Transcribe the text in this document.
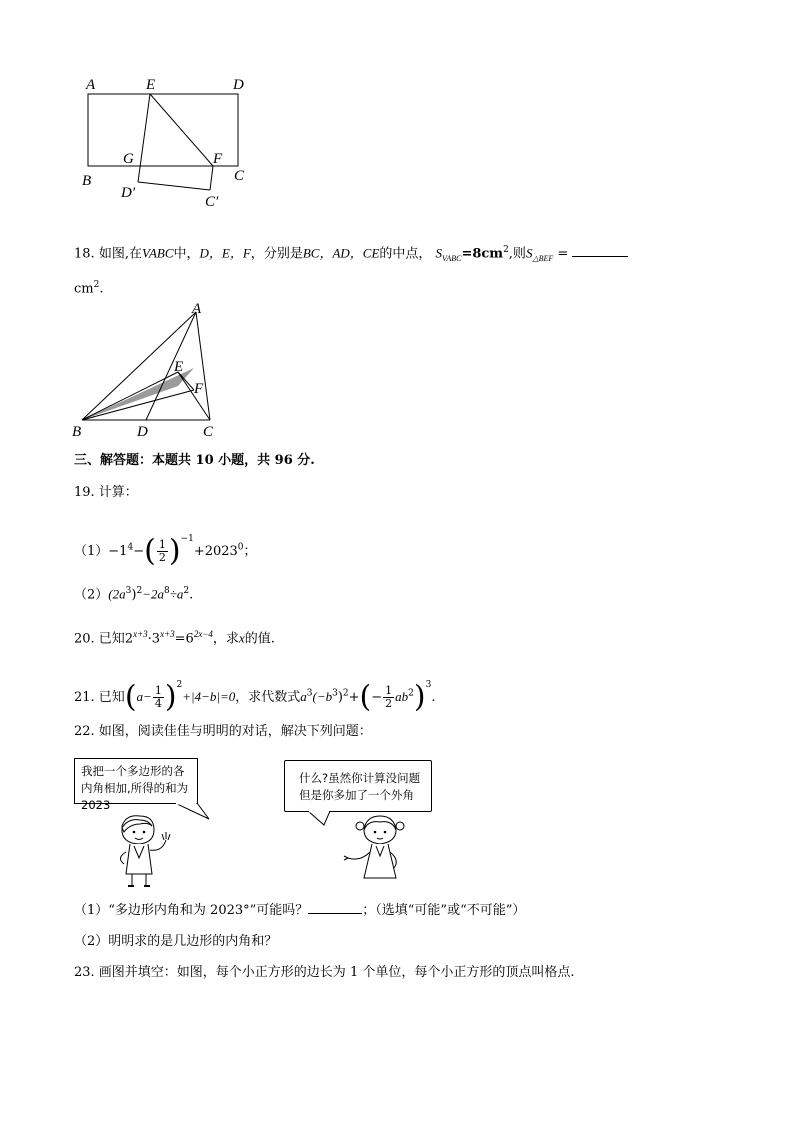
A	E	D
G	F
B	C
D′
C′
18. 如图,在VABC中，D，E，F，分别是BC，AD，CE的中点， $S_{VABC}=8cm^2$,则$S_{\triangle BEF}$ =
$cm^2$.
A
E
F
B	D	C
三、解答题：本题共 10 小题，共 96 分.
19. 计算：
$(1)-1^4-( \frac{1}{2} )^{-1}+2023^0$；
$(2)(2a^3)^2-2a^8\div a^2$.
20. 已知$2^{x+3}\cdot 3^{x+3}=6^{2x-4}$，求x的值.
21. 已知$(a- \frac{1}{4} )^2+|4-b|=0$，求代数式$a^3(-b^3)^2+(- \frac{1}{2} ab^2)^3$.
22. 如图，阅读佳佳与明明的对话，解决下列问题：
我把一个多边形的各内角相加,所得的和为2023
什么?虽然你计算没问题但是你多加了一个外角
（1）“多边形内角和为 2023°”可能吗？	；（选填“可能”或“不可能”）
（2）明明求的是几边形的内角和？
23. 画图并填空：如图，每个小正方形的边长为 1 个单位，每个小正方形的顶点叫格点.
